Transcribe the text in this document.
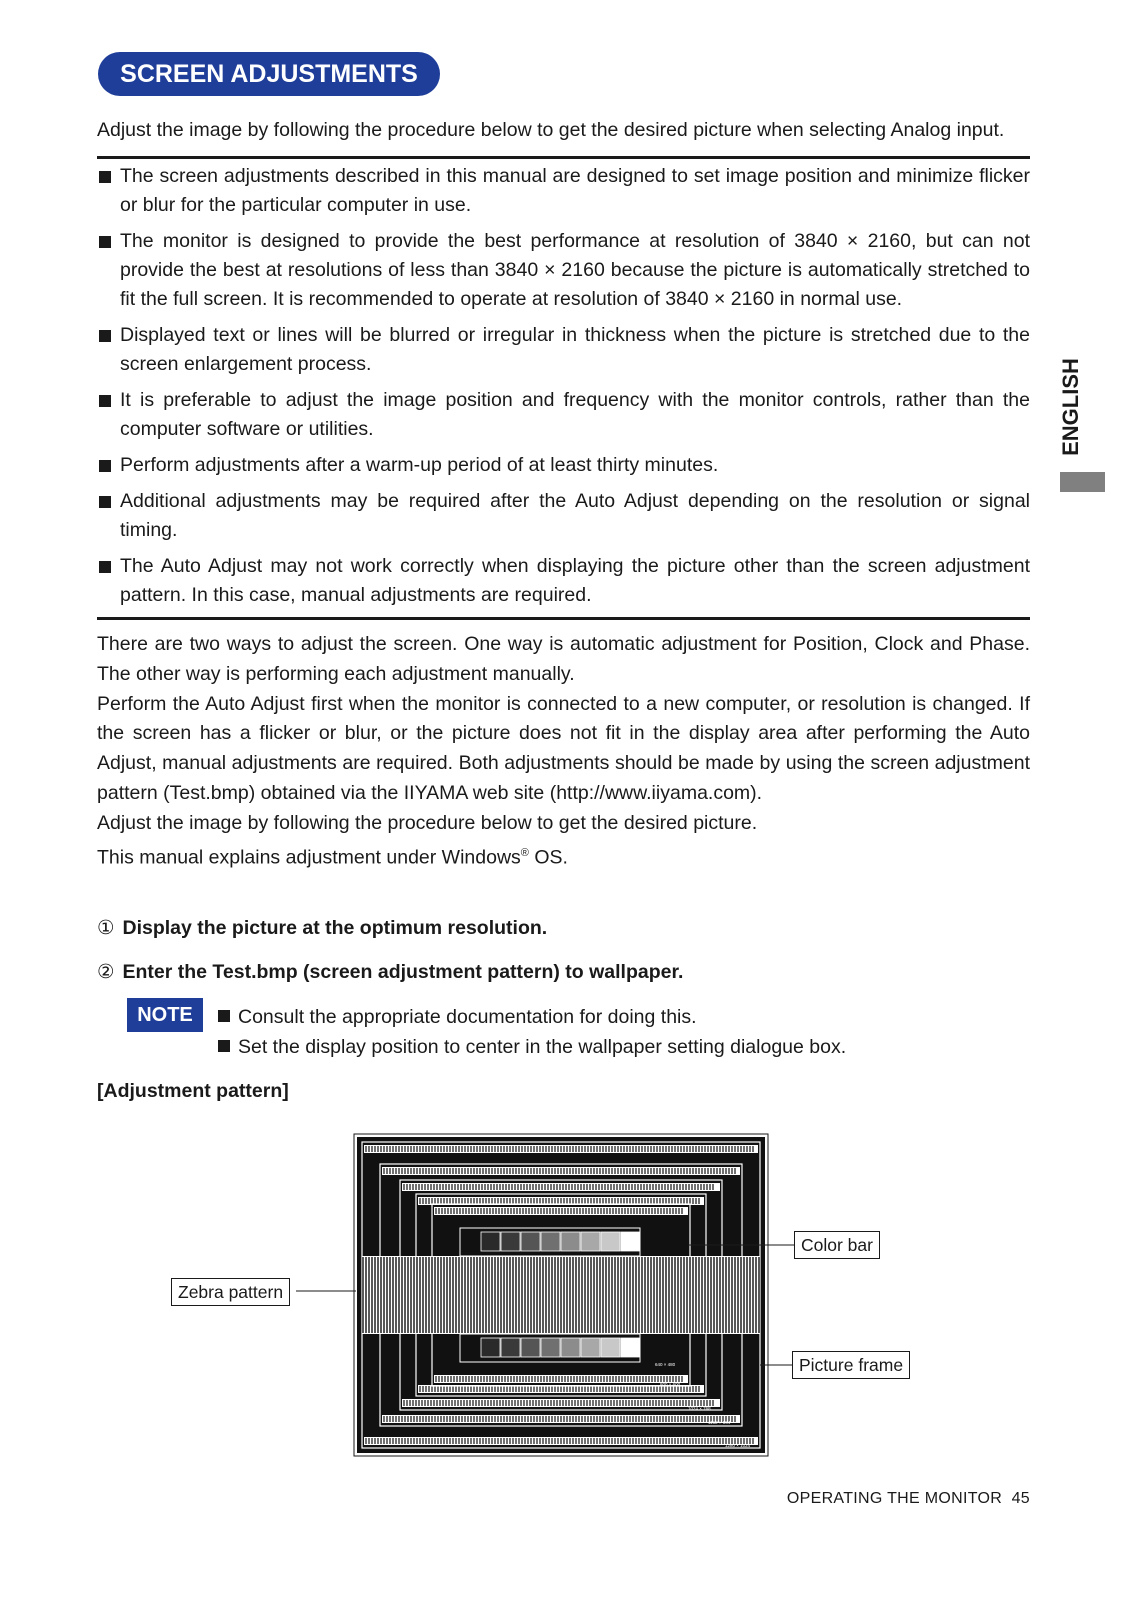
SCREEN ADJUSTMENTS
Adjust the image by following the procedure below to get the desired picture when selecting Analog input.
The screen adjustments described in this manual are designed to set image position and minimize flicker or blur for the particular computer in use.
The monitor is designed to provide the best performance at resolution of 3840 × 2160, but can not provide the best at resolutions of less than 3840 × 2160 because the picture is automatically stretched to fit the full screen. It is recommended to operate at resolution of 3840 × 2160 in normal use.
Displayed text or lines will be blurred or irregular in thickness when the picture is stretched due to the screen enlargement process.
It is preferable to adjust the image position and frequency with the monitor controls, rather than the computer software or utilities.
Perform adjustments after a warm-up period of at least thirty minutes.
Additional adjustments may be required after the Auto Adjust depending on the resolution or signal timing.
The Auto Adjust may not work correctly when displaying the picture other than the screen adjustment pattern. In this case, manual adjustments are required.

There are two ways to adjust the screen. One way is automatic adjustment for Position, Clock and Phase. The other way is performing each adjustment manually.

Perform the Auto Adjust first when the monitor is connected to a new computer, or resolution is changed. If the screen has a flicker or blur, or the picture does not fit in the display area after performing the Auto Adjust, manual adjustments are required. Both adjustments should be made by using the screen adjustment pattern (Test.bmp) obtained via the IIYAMA web site (http://www.iiyama.com).

Adjust the image by following the procedure below to get the desired picture.

This manual explains adjustment under Windows® OS.

① Display the picture at the optimum resolution.
② Enter the Test.bmp (screen adjustment pattern) to wallpaper.
NOTE	Consult the appropriate documentation for doing this.
Set the display position to center in the wallpaper setting dialogue box.
[Adjustment pattern]
640 × 480
800 × 600
1024 × 768
1152 × 864
1280 × 1024
Zebra pattern
Color bar
Picture frame
ENGLISH
OPERATING THE MONITOR 45
